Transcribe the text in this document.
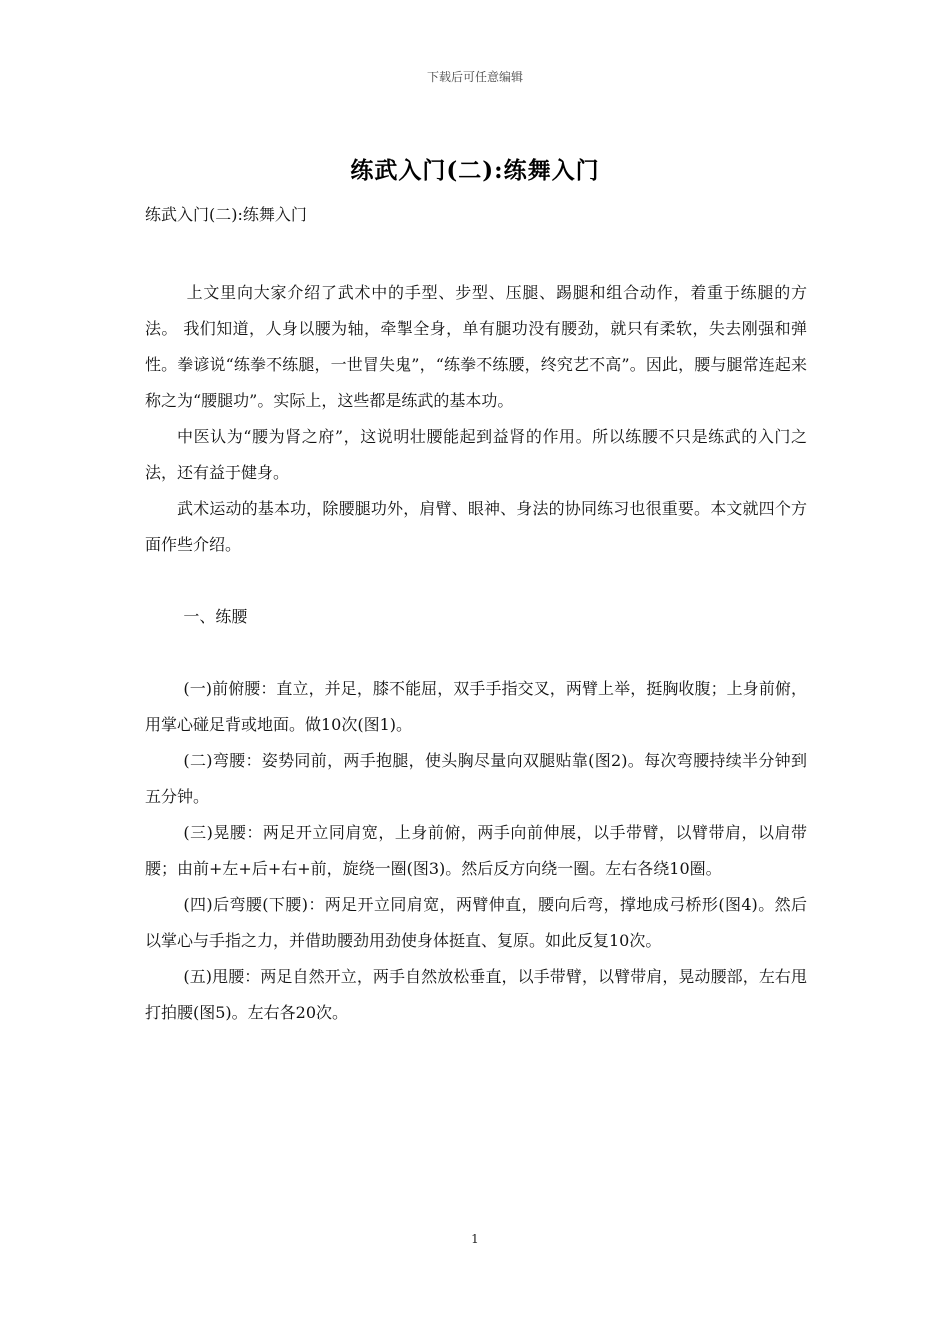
下载后可任意编辑
练武入门(二):练舞入门
练武入门(二):练舞入门

上文里向大家介绍了武术中的手型、步型、压腿、踢腿和组合动作，着重于练腿的方法。 我们知道，人身以腰为轴，牵掣全身，单有腿功没有腰劲，就只有柔软，失去刚强和弹性。拳谚说“练拳不练腿，一世冒失鬼”，“练拳不练腰，终究艺不高”。因此，腰与腿常连起来称之为“腰腿功”。实际上，这些都是练武的基本功。

中医认为“腰为肾之府”，这说明壮腰能起到益肾的作用。所以练腰不只是练武的入门之法，还有益于健身。

武术运动的基本功，除腰腿功外，肩臂、眼神、身法的协同练习也很重要。本文就四个方面作些介绍。

一、练腰

(一)前俯腰：直立，并足，膝不能屈，双手手指交叉，两臂上举，挺胸收腹；上身前俯，用掌心碰足背或地面。做10次(图1)。

(二)弯腰：姿势同前，两手抱腿，使头胸尽量向双腿贴靠(图2)。每次弯腰持续半分钟到五分钟。

(三)晃腰：两足开立同肩宽，上身前俯，两手向前伸展，以手带臂，以臂带肩，以肩带腰；由前+左+后+右+前，旋绕一圈(图3)。然后反方向绕一圈。左右各绕10圈。

(四)后弯腰(下腰)：两足开立同肩宽，两臂伸直，腰向后弯，撑地成弓桥形(图4)。然后以掌心与手指之力，并借助腰劲用劲使身体挺直、复原。如此反复10次。

(五)甩腰：两足自然开立，两手自然放松垂直，以手带臂，以臂带肩，晃动腰部，左右甩打拍腰(图5)。左右各20次。

1
